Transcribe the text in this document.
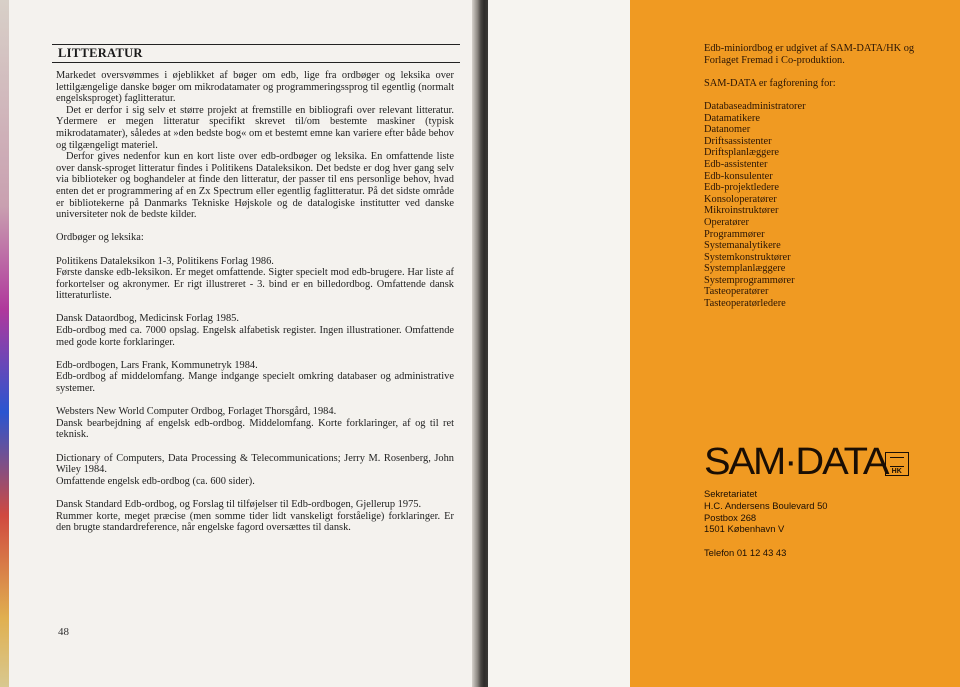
LITTERATUR

Markedet oversvømmes i øjeblikket af bøger om edb, lige fra ordbøger og leksika over lettilgængelige danske bøger om mikrodatamater og programmeringssprog til egentlig (normalt engelsksproget) faglitteratur.

Det er derfor i sig selv et større projekt at fremstille en bibliografi over relevant litteratur. Ydermere er megen litteratur specifikt skrevet til/om bestemte maskiner (typisk mikrodatamater), således at »den bedste bog« om et bestemt emne kan variere efter både behov og tilgængeligt materiel.

Derfor gives nedenfor kun en kort liste over edb-ordbøger og leksika. En omfattende liste over dansk-sproget litteratur findes i Politikens Dataleksikon. Det bedste er dog hver gang selv via biblioteker og boghandeler at finde den litteratur, der passer til ens personlige behov, hvad enten det er programmering af en Zx Spectrum eller egentlig faglitteratur. På det sidste område er bibliotekerne på Danmarks Tekniske Højskole og de datalogiske institutter ved danske universiteter nok de bedste kilder.

Ordbøger og leksika:

Politikens Dataleksikon 1-3, Politikens Forlag 1986.

Første danske edb-leksikon. Er meget omfattende. Sigter specielt mod edb-brugere. Har liste af forkortelser og akronymer. Er rigt illustreret - 3. bind er en billedordbog. Omfattende dansk litteraturliste.

Dansk Dataordbog, Medicinsk Forlag 1985.

Edb-ordbog med ca. 7000 opslag. Engelsk alfabetisk register. Ingen illustrationer. Omfattende med gode korte forklaringer.

Edb-ordbogen, Lars Frank, Kommunetryk 1984.

Edb-ordbog af middelomfang. Mange indgange specielt omkring databaser og administrative systemer.

Websters New World Computer Ordbog, Forlaget Thorsgård, 1984.

Dansk bearbejdning af engelsk edb-ordbog. Middelomfang. Korte forklaringer, af og til ret teknisk.

Dictionary of Computers, Data Processing & Telecommunications; Jerry M. Rosenberg, John Wiley 1984.

Omfattende engelsk edb-ordbog (ca. 600 sider).

Dansk Standard Edb-ordbog, og Forslag til tilføjelser til Edb-ordbogen, Gjellerup 1975.

Rummer korte, meget præcise (men somme tider lidt vanskeligt forståelige) forklaringer. Er den brugte standardreference, når engelske fagord oversættes til dansk.

48

Edb-miniordbog er udgivet af SAM-DATA/HK og Forlaget Fremad i Co-produktion.

SAM-DATA er fagforening for:

Databaseadministratorer
Datamatikere
Datanomer
Driftsassistenter
Driftsplanlæggere
Edb-assistenter
Edb-konsulenter
Edb-projektledere
Konsoloperatører
Mikroinstruktører
Operatører
Programmører
Systemanalytikere
Systemkonstruktører
Systemplanlæggere
Systemprogrammører
Tasteoperatører
Tasteoperatørledere
SAM·DATA HK
Sekretariatet
H.C. Andersens Boulevard 50
Postbox 268
1501 København V
Telefon 01 12 43 43
